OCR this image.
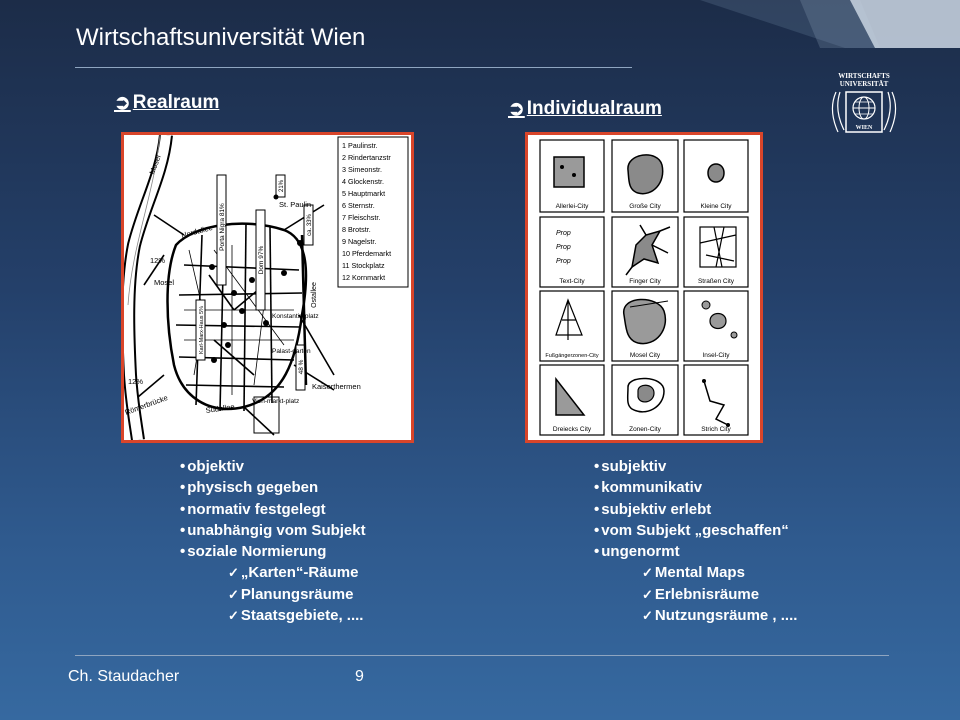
Wirtschaftsuniversität Wien
WIRTSCHAFTS
UNIVERSITÄT
WIEN
➲ Realraum	➲ Individualraum
Porta Nigra 81%
Dom 97%
Karl-Marx-Haus 5%
48 %
21%
ca. 33%
Ostallee
1 Paulinstr.
2 Rindertanzstr
3 Simeonstr.
4 Glockenstr.
5 Hauptmarkt
6 Sternstr.
7 Fleischstr.
8 Brotstr.
9 Nagelstr.
10 Pferdemarkt
11 Stockplatz
12 Kornmarkt
Mosel
Nordallee
St. Paulin
12%
Mosel
Konstantin-platz
Palast-garten
Kaiserthermen
12%
Römerbrücke	Südallee
Vieh-markt-platz
Prop
Prop
Prop
Allerlei-City	Große City	Kleine City
Text-City	Finger City	Straßen City
Fußgängerzonen-City	Mosel City	Insel-City
Dreiecks City	Zonen-City	Strich City
• objektiv
• physisch gegeben
• normativ festgelegt
• unabhängig vom Subjekt
• soziale Normierung
✓ „Karten“-Räume
✓ Planungsräume
✓ Staatsgebiete, ....
• subjektiv
• kommunikativ
• subjektiv erlebt
• vom Subjekt „geschaffen“
• ungenormt
✓ Mental Maps
✓ Erlebnisräume
✓ Nutzungsräume , ....
Ch. Staudacher	9
